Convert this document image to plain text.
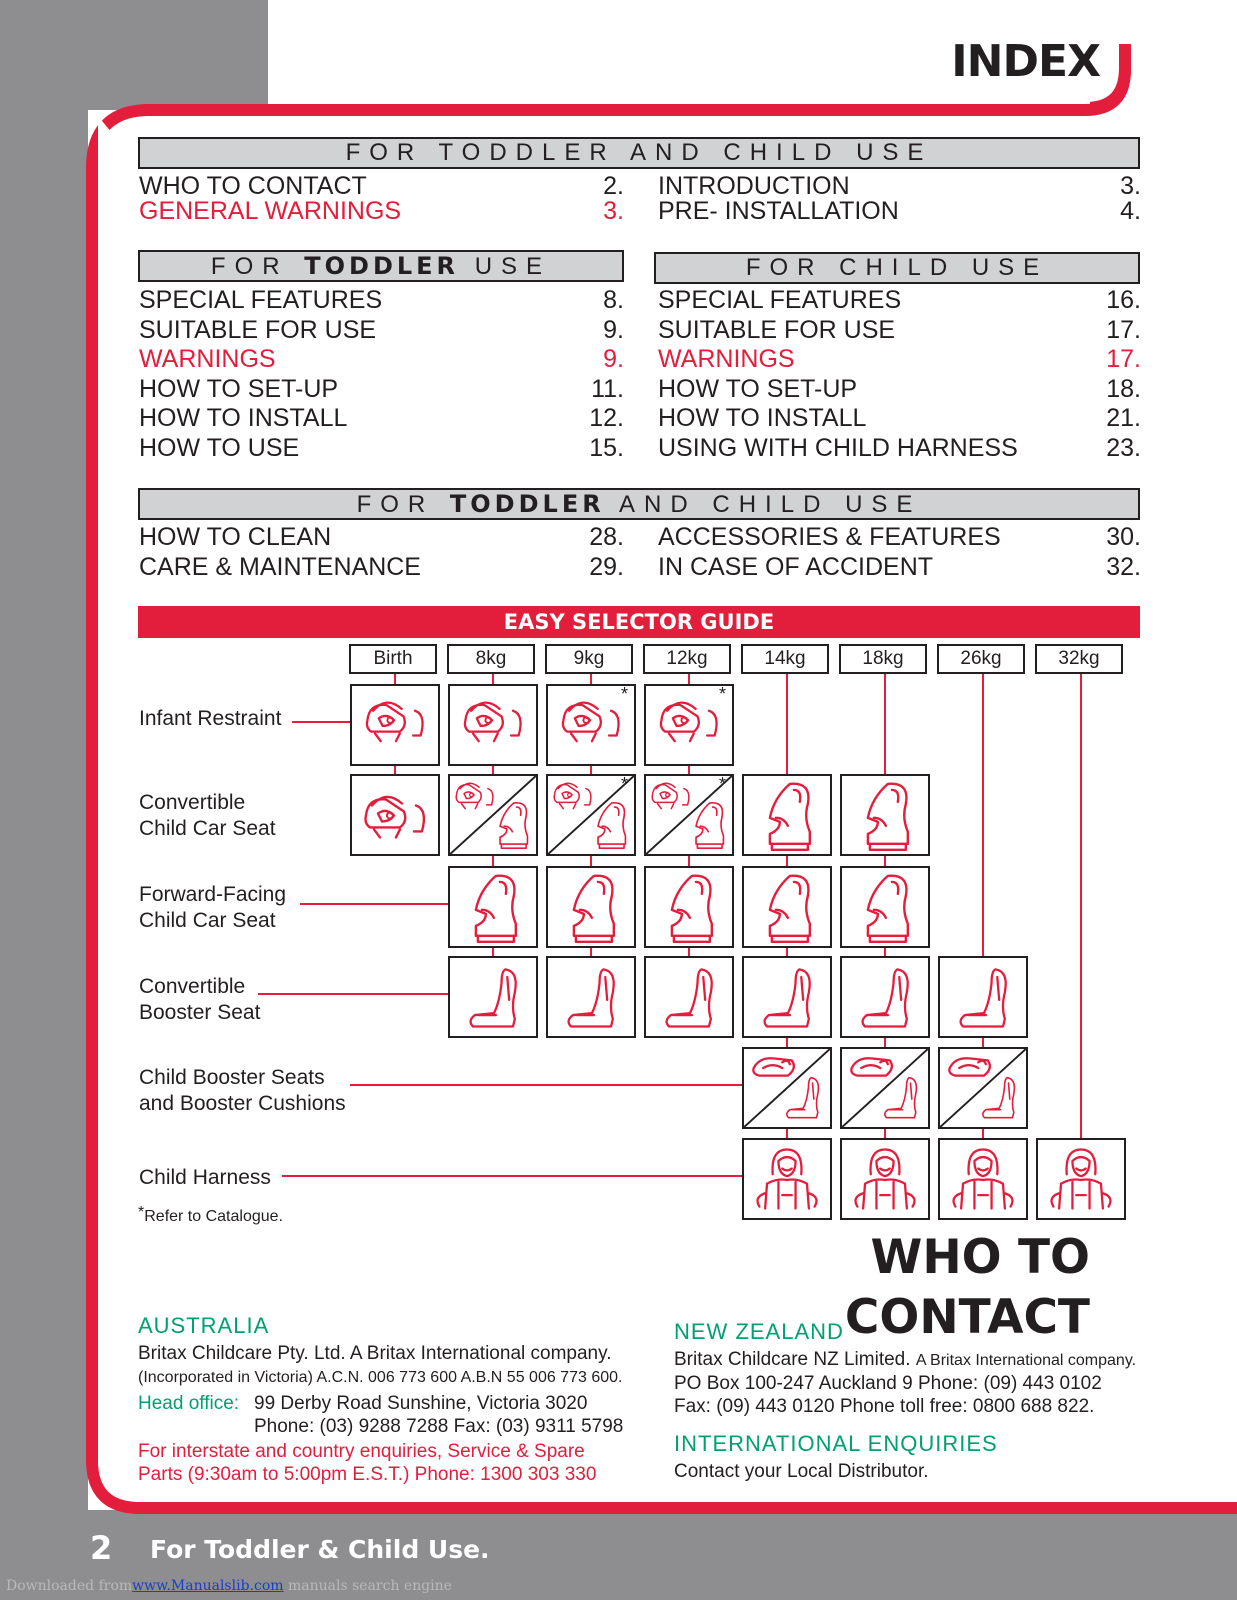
INDEX
FOR TODDLER AND CHILD USE
WHO TO CONTACT	2.
GENERAL WARNINGS	3.
INTRODUCTION	3.
PRE- INSTALLATION	4.
FOR TODDLER USE	FOR CHILD USE
SPECIAL FEATURES	8.
SUITABLE FOR USE	9.
WARNINGS	9.
HOW TO SET-UP	11.
HOW TO INSTALL	12.
HOW TO USE	15.
SPECIAL FEATURES	16.
SUITABLE FOR USE	17.
WARNINGS	17.
HOW TO SET-UP	18.
HOW TO INSTALL	21.
USING WITH CHILD HARNESS	23.
FOR TODDLER AND CHILD USE
HOW TO CLEAN	28.
CARE & MAINTENANCE	29.
ACCESSORIES & FEATURES	30.
IN CASE OF ACCIDENT	32.
EASY SELECTOR GUIDE
Birth	8kg	9kg	12kg	14kg	18kg	26kg	32kg
Infant Restraint
*	*
Convertible
Child Car Seat
*	*
Forward-Facing
Child Car Seat
Convertible
Booster Seat
Child Booster Seats
and Booster Cushions
Child Harness
*Refer to Catalogue.
WHO TO CONTACT
AUSTRALIA
Britax Childcare Pty. Ltd. A Britax International company.
(Incorporated in Victoria) A.C.N. 006 773 600 A.B.N 55 006 773 600.
Head office: 99 Derby Road Sunshine, Victoria 3020
Phone: (03) 9288 7288 Fax: (03) 9311 5798
For interstate and country enquiries, Service & Spare
Parts (9:30am to 5:00pm E.S.T.) Phone: 1300 303 330
NEW ZEALAND
Britax Childcare NZ Limited. A Britax International company.
PO Box 100-247 Auckland 9 Phone: (09) 443 0102
Fax: (09) 443 0120 Phone toll free: 0800 688 822.
INTERNATIONAL ENQUIRIES
Contact your Local Distributor.
2 For Toddler & Child Use.
Downloaded fromwww.Manualslib.com manuals search engine
